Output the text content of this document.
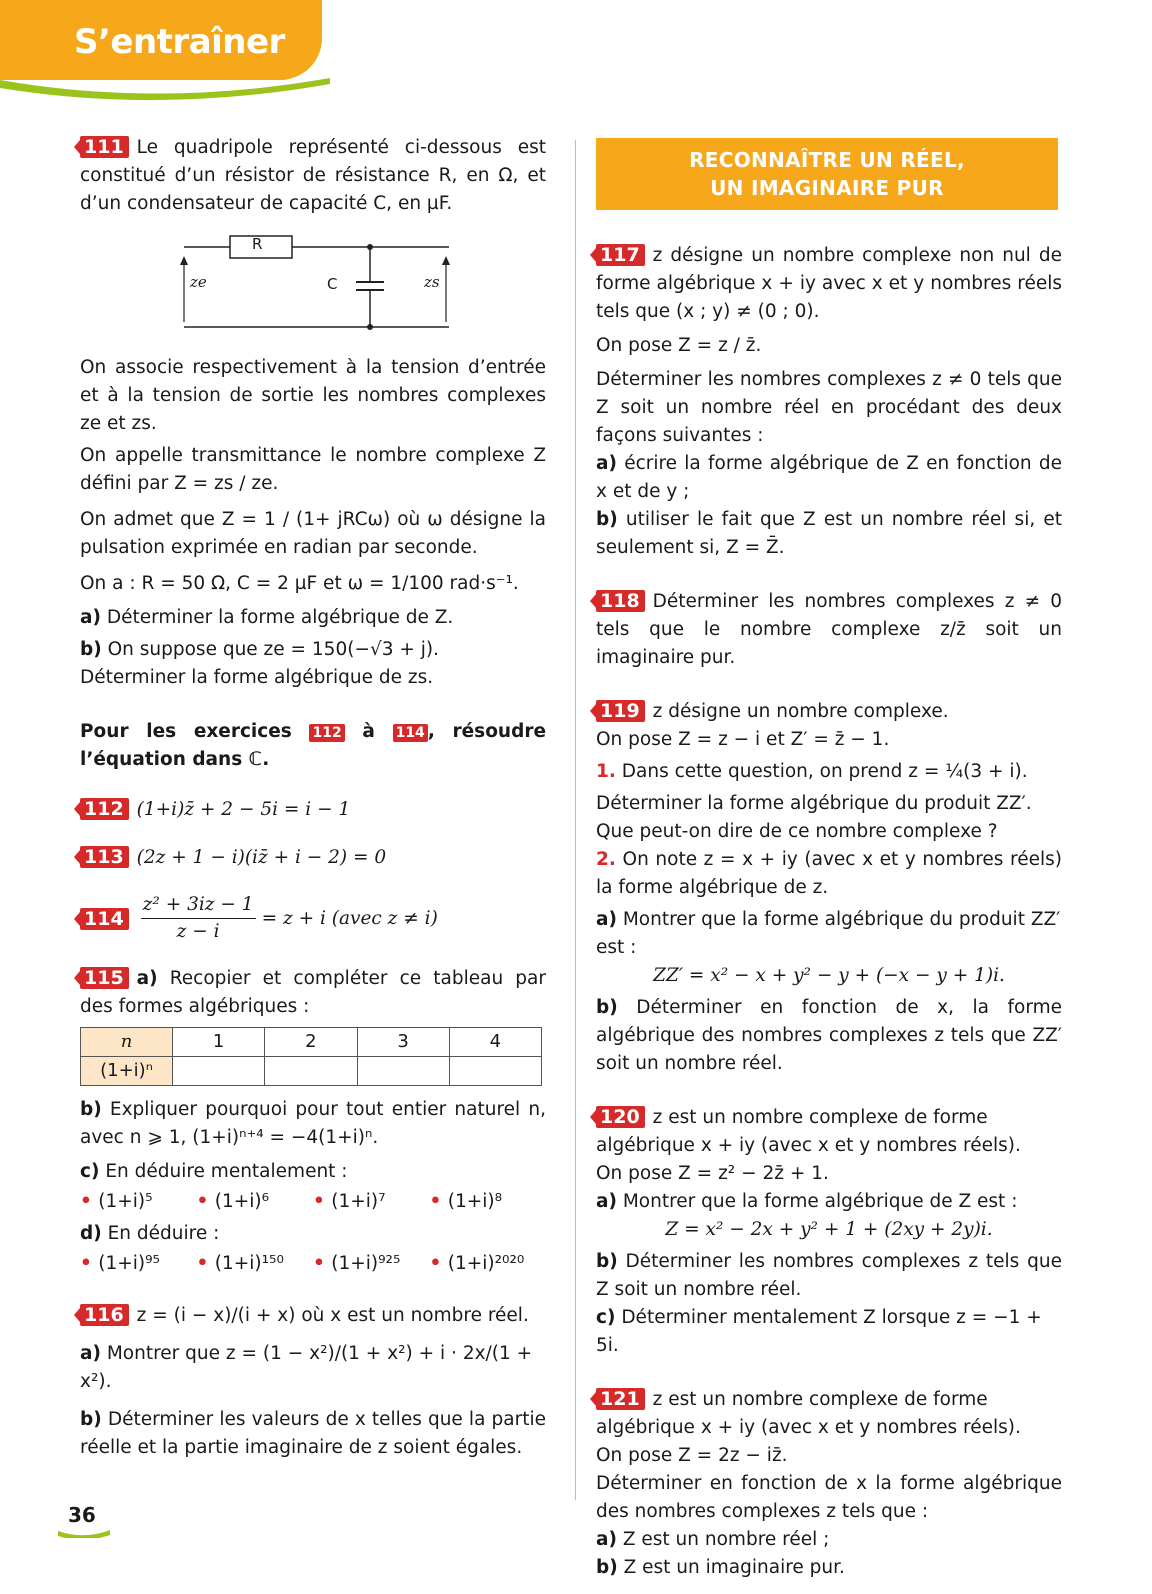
S’entraîner

111 Le quadripole représenté ci-dessous est constitué d’un résistor de résistance R, en Ω, et d’un condensateur de capacité C, en µF.

R
C
ze	zs

On associe respectivement à la tension d’entrée et à la tension de sortie les nombres complexes ze et zs.

On appelle transmittance le nombre complexe Z défini par Z = zs / ze.

On admet que Z = 1 / (1+ jRCω) où ω désigne la pulsation exprimée en radian par seconde.

On a : R = 50 Ω, C = 2 µF et ω = 1/100 rad·s⁻¹.

a) Déterminer la forme algébrique de Z.

b) On suppose que ze = 150(−√3 + j).

Déterminer la forme algébrique de zs.

Pour les exercices 112 à 114 , résoudre l’équation dans ℂ.

112 (1+i)z̄ + 2 − 5i = i − 1

113 (2z + 1 − i)(iz̄ + i − 2) = 0

$114 \frac{\text{z² + 3iz − 1}}{z - i} = z + i$ (avec z ≠ i)

115 a) Recopier et compléter ce tableau par des formes algébriques :

n	1	2	3	4
(1+i)ⁿ				

b) Expliquer pourquoi pour tout entier naturel n, avec n ⩾ 1, (1+i)ⁿ⁺⁴ = −4(1+i)ⁿ.

c) En déduire mentalement :

• (1+i)⁵	• (1+i)⁶	• (1+i)⁷	• (1+i)⁸

d) En déduire :

• (1+i)⁹⁵	• (1+i)¹⁵⁰	• (1+i)⁹²⁵	• (1+i)²⁰²⁰

116 z = (i − x)/(i + x) où x est un nombre réel.

a) Montrer que z = (1 − x²)/(1 + x²) + i · 2x/(1 + x²).

b) Déterminer les valeurs de x telles que la partie réelle et la partie imaginaire de z soient égales.

RECONNAÎTRE UN RÉEL,
UN IMAGINAIRE PUR

117 z désigne un nombre complexe non nul de forme algébrique x + iy avec x et y nombres réels tels que (x ; y) ≠ (0 ; 0).

On pose Z = z / z̄.

Déterminer les nombres complexes z ≠ 0 tels que Z soit un nombre réel en procédant des deux façons suivantes :

a) écrire la forme algébrique de Z en fonction de x et de y ;

b) utiliser le fait que Z est un nombre réel si, et seulement si, Z = Z̄.

118 Déterminer les nombres complexes z ≠ 0 tels que le nombre complexe z/z̄ soit un imaginaire pur.

119 z désigne un nombre complexe.

On pose Z = z − i et Z′ = z̄ − 1.

1. Dans cette question, on prend z = ¼(3 + i).

Déterminer la forme algébrique du produit ZZ′.

Que peut-on dire de ce nombre complexe ?

2. On note z = x + iy (avec x et y nombres réels) la forme algébrique de z.

a) Montrer que la forme algébrique du produit ZZ′ est :

ZZ′ = x² − x + y² − y + (−x − y + 1)i.

b) Déterminer en fonction de x, la forme algébrique des nombres complexes z tels que ZZ′ soit un nombre réel.

120 z est un nombre complexe de forme algébrique x + iy (avec x et y nombres réels).

On pose Z = z² − 2z̄ + 1.

a) Montrer que la forme algébrique de Z est :

Z = x² − 2x + y² + 1 + (2xy + 2y)i.

b) Déterminer les nombres complexes z tels que Z soit un nombre réel.

c) Déterminer mentalement Z lorsque z = −1 + 5i.

121 z est un nombre complexe de forme algébrique x + iy (avec x et y nombres réels).

On pose Z = 2z − iz̄.

Déterminer en fonction de x la forme algébrique des nombres complexes z tels que :

a) Z est un nombre réel ;

b) Z est un imaginaire pur.

36
